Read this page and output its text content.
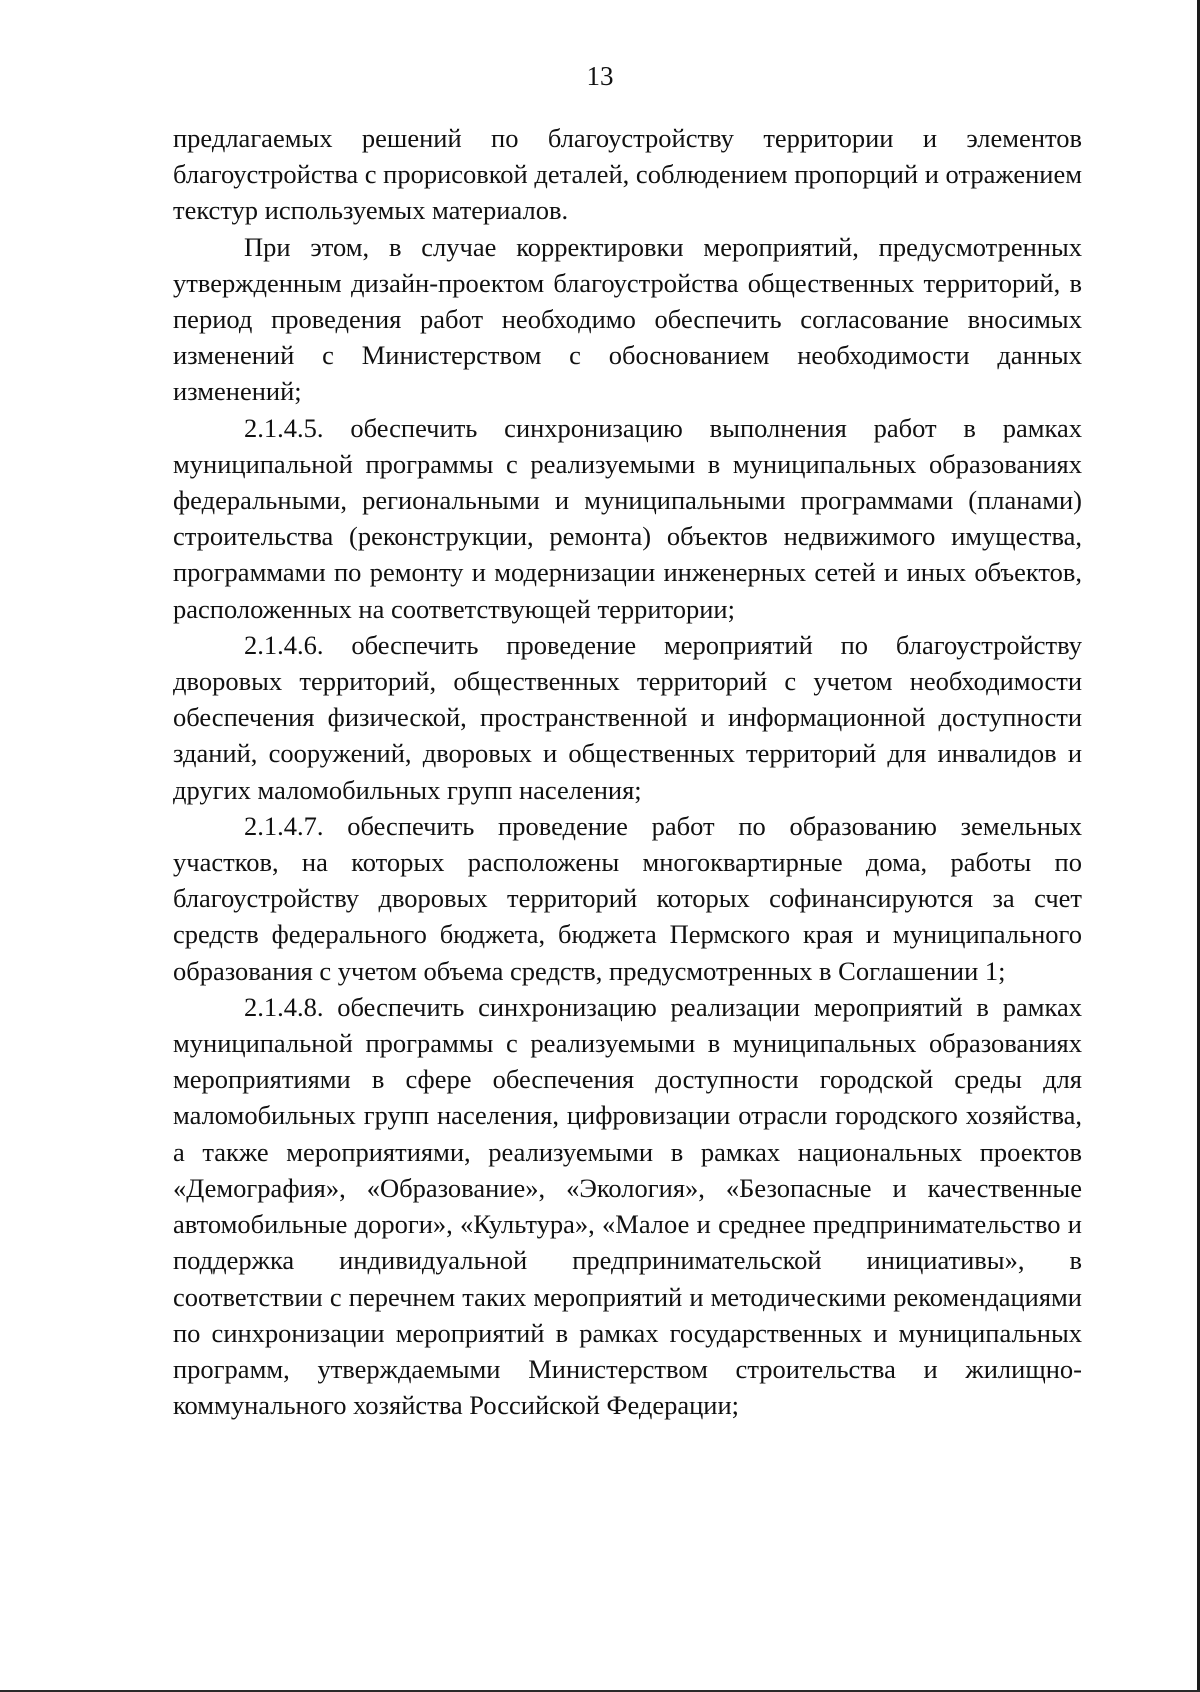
13

предлагаемых решений по благоустройству территории и элементов благоустройства с прорисовкой деталей, соблюдением пропорций и отражением текстур используемых материалов.

При этом, в случае корректировки мероприятий, предусмотренных утвержденным дизайн-проектом благоустройства общественных территорий, в период проведения работ необходимо обеспечить согласование вносимых изменений с Министерством с обоснованием необходимости данных изменений;

2.1.4.5. обеспечить синхронизацию выполнения работ в рамках муниципальной программы с реализуемыми в муниципальных образованиях федеральными, региональными и муниципальными программами (планами) строительства (реконструкции, ремонта) объектов недвижимого имущества, программами по ремонту и модернизации инженерных сетей и иных объектов, расположенных на соответствующей территории;

2.1.4.6. обеспечить проведение мероприятий по благоустройству дворовых территорий, общественных территорий с учетом необходимости обеспечения физической, пространственной и информационной доступности зданий, сооружений, дворовых и общественных территорий для инвалидов и других маломобильных групп населения;

2.1.4.7. обеспечить проведение работ по образованию земельных участков, на которых расположены многоквартирные дома, работы по благоустройству дворовых территорий которых софинансируются за счет средств федерального бюджета, бюджета Пермского края и муниципального образования с учетом объема средств, предусмотренных в Соглашении 1;

2.1.4.8. обеспечить синхронизацию реализации мероприятий в рамках муниципальной программы с реализуемыми в муниципальных образованиях мероприятиями в сфере обеспечения доступности городской среды для маломобильных групп населения, цифровизации отрасли городского хозяйства, а также мероприятиями, реализуемыми в рамках национальных проектов «Демография», «Образование», «Экология», «Безопасные и качественные автомобильные дороги», «Культура», «Малое и среднее предпринимательство и поддержка индивидуальной предпринимательской инициативы», в соответствии с перечнем таких мероприятий и методическими рекомендациями по синхронизации мероприятий в рамках государственных и муниципальных программ, утверждаемыми Министерством строительства и жилищно-коммунального хозяйства Российской Федерации;
